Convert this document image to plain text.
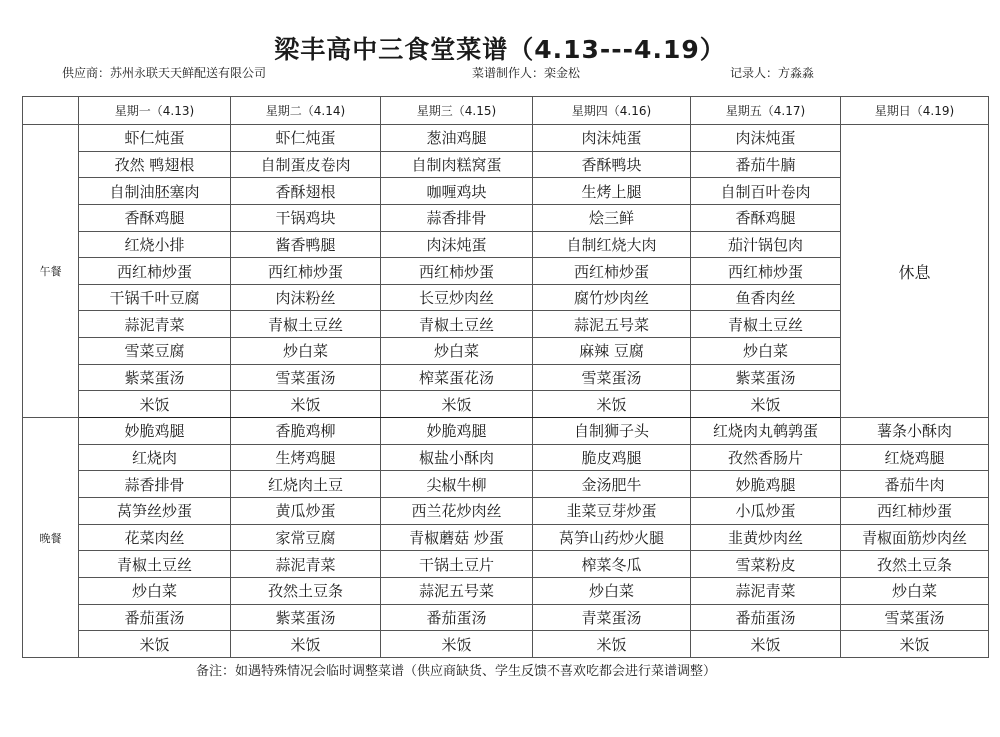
梁丰高中三食堂菜谱（4.13---4.19）
供应商：苏州永联天天鲜配送有限公司	菜谱制作人：栾金松	记录人：方淼淼
	星期一（4.13)	星期二（4.14)	星期三（4.15)	星期四（4.16)	星期五（4.17)	星期日（4.19)
午餐	虾仁炖蛋	虾仁炖蛋	葱油鸡腿	肉沫炖蛋	肉沫炖蛋	休息
	孜然 鸭翅根	自制蛋皮卷肉	自制肉糕窝蛋	香酥鸭块	番茄牛腩	
	自制油胚塞肉	香酥翅根	咖喱鸡块	生烤上腿	自制百叶卷肉	
	香酥鸡腿	干锅鸡块	蒜香排骨	烩三鲜	香酥鸡腿	
	红烧小排	酱香鸭腿	肉沫炖蛋	自制红烧大肉	茄汁锅包肉	
	西红柿炒蛋	西红柿炒蛋	西红柿炒蛋	西红柿炒蛋	西红柿炒蛋	
	干锅千叶豆腐	肉沫粉丝	长豆炒肉丝	腐竹炒肉丝	鱼香肉丝	
	蒜泥青菜	青椒土豆丝	青椒土豆丝	蒜泥五号菜	青椒土豆丝	
	雪菜豆腐	炒白菜	炒白菜	麻辣 豆腐	炒白菜	
	紫菜蛋汤	雪菜蛋汤	榨菜蛋花汤	雪菜蛋汤	紫菜蛋汤	
	米饭	米饭	米饭	米饭	米饭	
晚餐	妙脆鸡腿	香脆鸡柳	妙脆鸡腿	自制狮子头	红烧肉丸鹌鹑蛋	薯条小酥肉
	红烧肉	生烤鸡腿	椒盐小酥肉	脆皮鸡腿	孜然香肠片	红烧鸡腿
	蒜香排骨	红烧肉土豆	尖椒牛柳	金汤肥牛	妙脆鸡腿	番茄牛肉
	莴笋丝炒蛋	黄瓜炒蛋	西兰花炒肉丝	韭菜豆芽炒蛋	小瓜炒蛋	西红柿炒蛋
	花菜肉丝	家常豆腐	青椒蘑菇 炒蛋	莴笋山药炒火腿	韭黄炒肉丝	青椒面筋炒肉丝
	青椒土豆丝	蒜泥青菜	干锅土豆片	榨菜冬瓜	雪菜粉皮	孜然土豆条
	炒白菜	孜然土豆条	蒜泥五号菜	炒白菜	蒜泥青菜	炒白菜
	番茄蛋汤	紫菜蛋汤	番茄蛋汤	青菜蛋汤	番茄蛋汤	雪菜蛋汤
	米饭	米饭	米饭	米饭	米饭	米饭
备注：如遇特殊情况会临时调整菜谱（供应商缺货、学生反馈不喜欢吃都会进行菜谱调整）
